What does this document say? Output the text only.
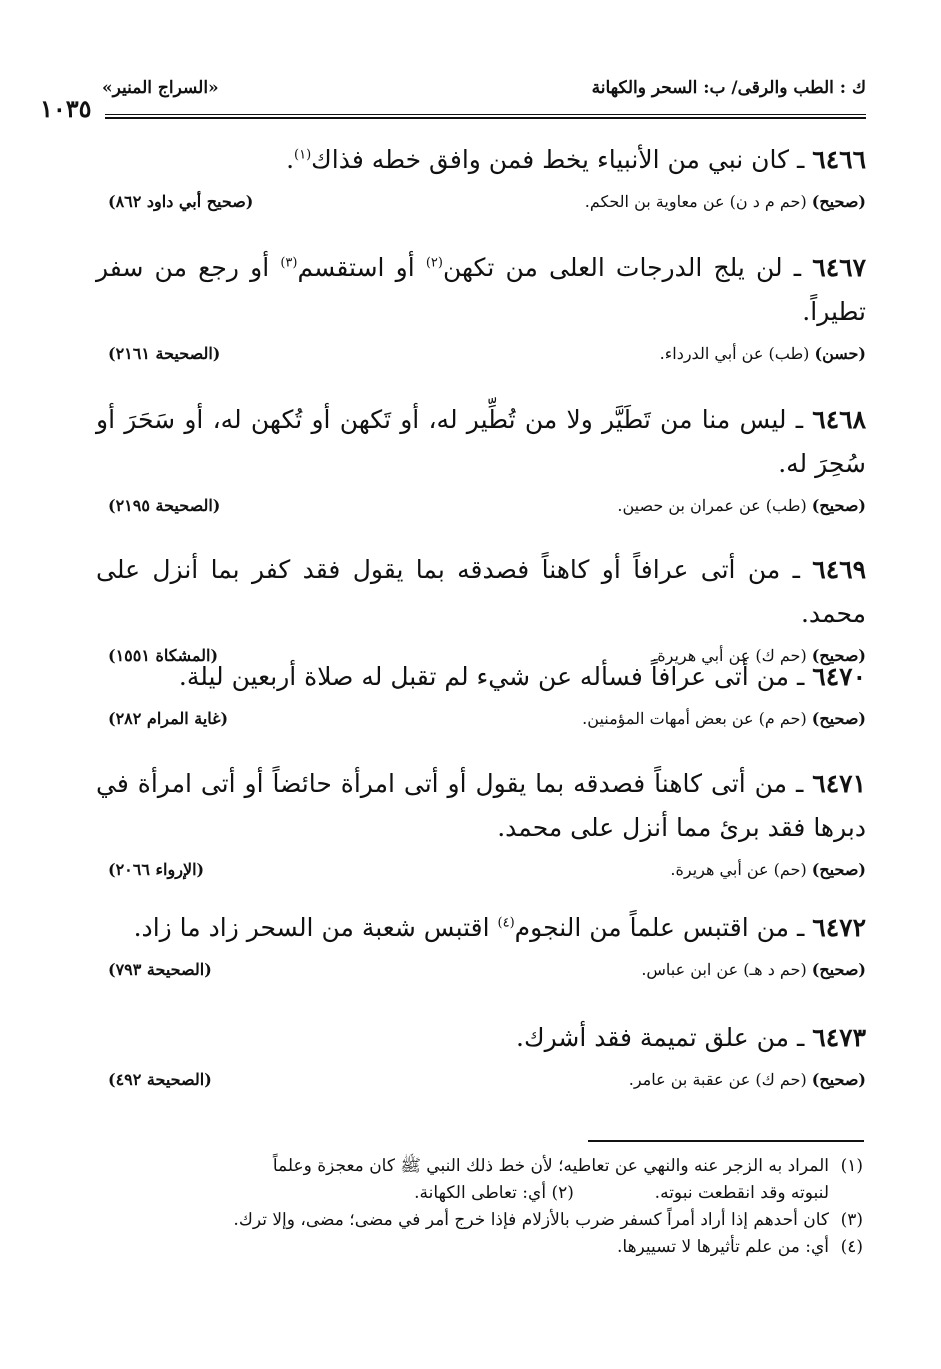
ك : الطب والرقى/ ب: السحر والكهانة
«السراج المنير»
١٠٣٥
٦٤٦٦ ـ كان نبي من الأنبياء يخط فمن وافق خطه فذاك$^{(١)}$.
(صحيح) (حم م د ن) عن معاوية بن الحكم.
(صحيح أبي داود ٨٦٢)
٦٤٦٧ ـ لن يلج الدرجات العلى من تكهن$^{(٢)}$ أو استقسم$^{(٣)}$ أو رجع من سفر تطيراً.
(حسن) (طب) عن أبي الدرداء.
(الصحيحة ٢١٦١)
٦٤٦٨ ـ ليس منا من تَطَيَّر ولا من تُطِّير له، أو تَكهن أو تُكهن له، أو سَحَرَ أو سُحِرَ له.
(صحيح) (طب) عن عمران بن حصين.
(الصحيحة ٢١٩٥)
٦٤٦٩ ـ من أتى عرافاً أو كاهناً فصدقه بما يقول فقد كفر بما أنزل على محمد.
(صحيح) (حم ك) عن أبي هريرة.
(المشكاة ١٥٥١)
٦٤٧٠ ـ من أتى عرافاً فسأله عن شيء لم تقبل له صلاة أربعين ليلة.
(صحيح) (حم م) عن بعض أمهات المؤمنين.
(غاية المرام ٢٨٢)
٦٤٧١ ـ من أتى كاهناً فصدقه بما يقول أو أتى امرأة حائضاً أو أتى امرأة في دبرها فقد برئ مما أنزل على محمد.
(صحيح) (حم) عن أبي هريرة.
(الإرواء ٢٠٦٦)
٦٤٧٢ ـ من اقتبس علماً من النجوم$^{(٤)}$ اقتبس شعبة من السحر زاد ما زاد.
(صحيح) (حم د هـ) عن ابن عباس.
(الصحيحة ٧٩٣)
٦٤٧٣ ـ من علق تميمة فقد أشرك.
(صحيح) (حم ك) عن عقبة بن عامر.
(الصحيحة ٤٩٢)
(١)المراد به الزجر عنه والنهي عن تعاطيه؛ لأن خط ذلك النبي ﷺ كان معجزة وعلماً
لنبوته وقد انقطعت نبوته.  (٢) أي: تعاطى الكهانة.
(٣)كان أحدهم إذا أراد أمراً كسفر ضرب بالأزلام فإذا خرج أمر في مضى؛ مضى، وإلا ترك.
(٤)أي: من علم تأثيرها لا تسييرها.
